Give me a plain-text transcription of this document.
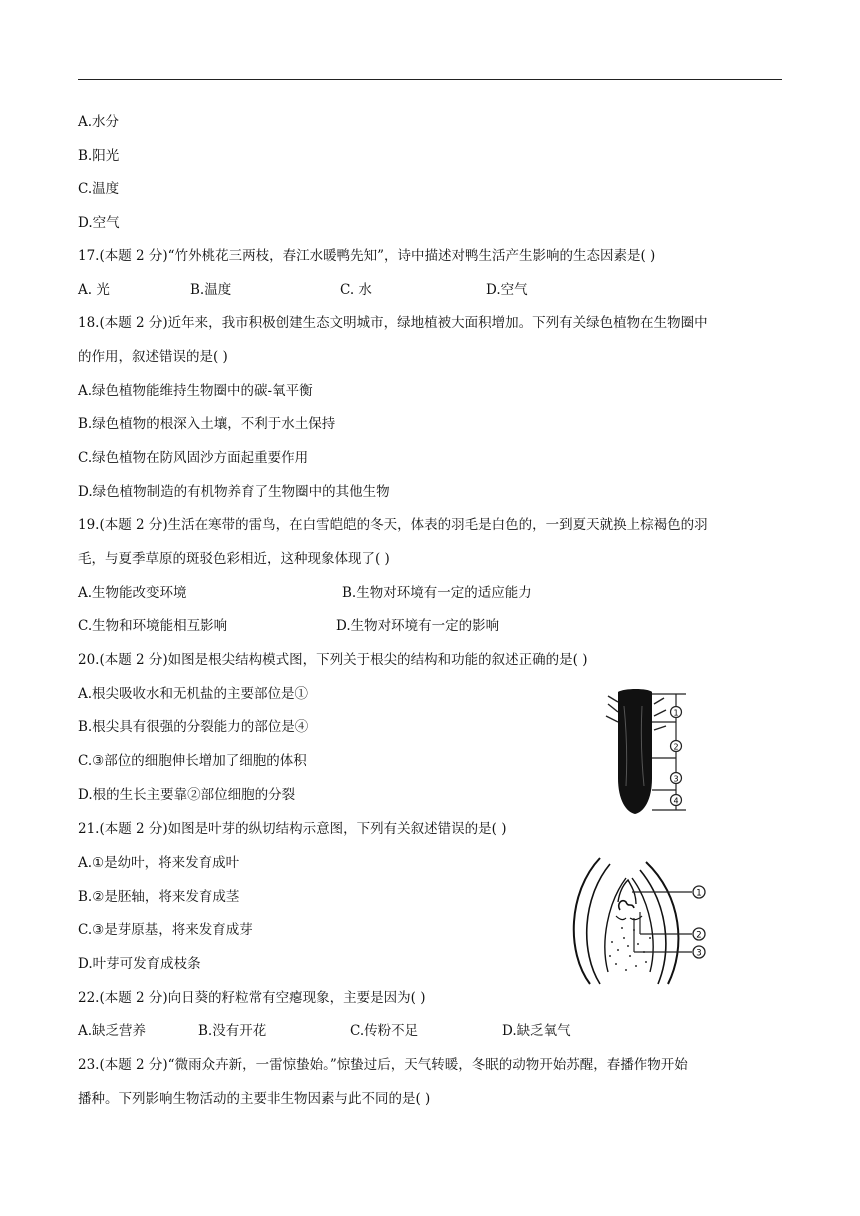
A.水分
B.阳光
C.温度
D.空气
17.(本题 2 分)“竹外桃花三两枝，春江水暖鸭先知”，诗中描述对鸭生活产生影响的生态因素是( )
A. 光	B.温度	C. 水	D.空气
18.(本题 2 分)近年来，我市积极创建生态文明城市，绿地植被大面积增加。下列有关绿色植物在生物圈中
的作用，叙述错误的是( )
A.绿色植物能维持生物圈中的碳-氧平衡
B.绿色植物的根深入土壤，不利于水土保持
C.绿色植物在防风固沙方面起重要作用
D.绿色植物制造的有机物养育了生物圈中的其他生物
19.(本题 2 分)生活在寒带的雷鸟，在白雪皑皑的冬天，体表的羽毛是白色的，一到夏天就换上棕褐色的羽
毛，与夏季草原的斑驳色彩相近，这种现象体现了( )
A.生物能改变环境	B.生物对环境有一定的适应能力
C.生物和环境能相互影响	D.生物对环境有一定的影响
20.(本题 2 分)如图是根尖结构模式图，下列关于根尖的结构和功能的叙述正确的是( )
A.根尖吸收水和无机盐的主要部位是①
B.根尖具有很强的分裂能力的部位是④
C.③部位的细胞伸长增加了细胞的体积
D.根的生长主要靠②部位细胞的分裂
1
2
3
4
21.(本题 2 分)如图是叶芽的纵切结构示意图，下列有关叙述错误的是( )
A.①是幼叶，将来发育成叶
B.②是胚轴，将来发育成茎
C.③是芽原基，将来发育成芽
D.叶芽可发育成枝条
1
2
3
22.(本题 2 分)向日葵的籽粒常有空瘪现象，主要是因为( )
A.缺乏营养	B.没有开花	C.传粉不足	D.缺乏氧气
23.(本题 2 分)“微雨众卉新，一雷惊蛰始。”惊蛰过后，天气转暖，冬眠的动物开始苏醒，春播作物开始
播种。下列影响生物活动的主要非生物因素与此不同的是( )
